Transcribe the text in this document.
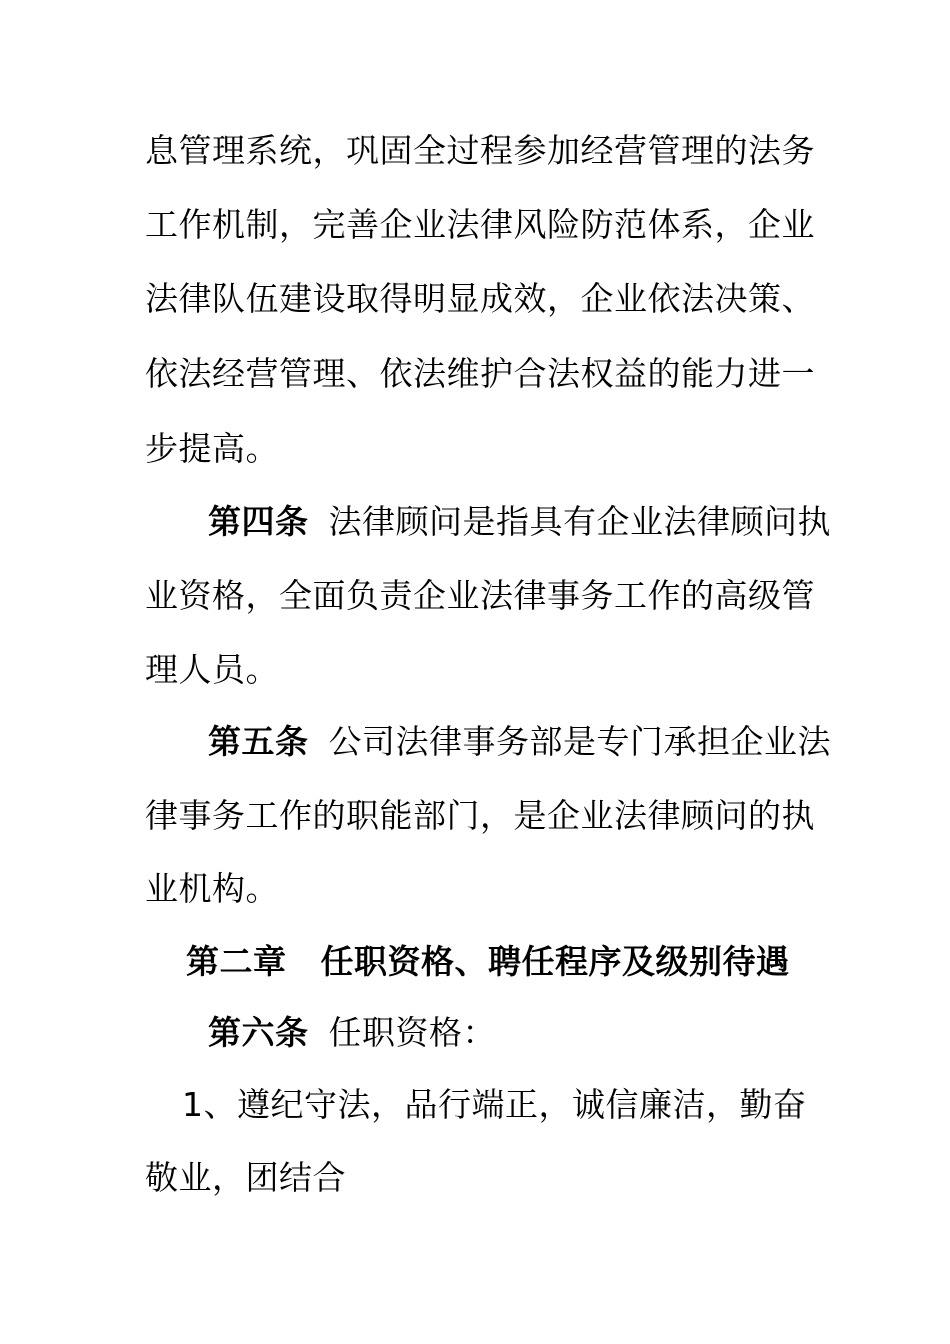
息管理系统，巩固全过程参加经营管理的法务
工作机制，完善企业法律风险防范体系，企业
法律队伍建设取得明显成效，企业依法决策、
依法经营管理、依法维护合法权益的能力进一
步提高。
第四条 法律顾问是指具有企业法律顾问执
业资格，全面负责企业法律事务工作的高级管
理人员。
第五条 公司法律事务部是专门承担企业法
律事务工作的职能部门，是企业法律顾问的执
业机构。
第二章 任职资格、聘任程序及级别待遇
第六条 任职资格：
1、遵纪守法，品行端正，诚信廉洁，勤奋
敬业，团结合
